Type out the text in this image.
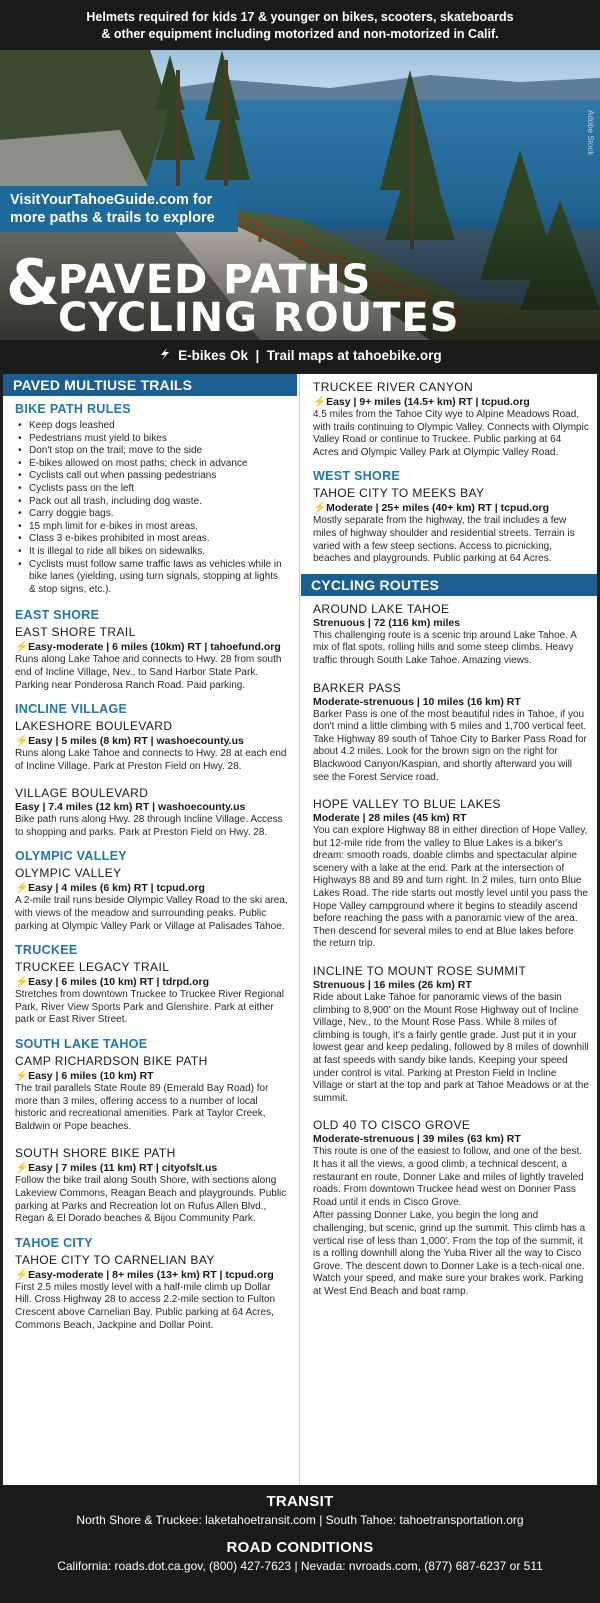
Helmets required for kids 17 & younger on bikes, scooters, skateboards
& other equipment including motorized and non-motorized in Calif.
Adobe Stock
VisitYourTahoeGuide.com for
more paths & trails to explore
&
PAVED PATHS
CYCLING ROUTES
E-bikes Ok | Trail maps at tahoebike.org
PAVED MULTIUSE TRAILS
BIKE PATH RULES
• Keep dogs leashed
• Pedestrians must yield to bikes
• Don't stop on the trail; move to the side
• E-bikes allowed on most paths; check in advance
• Cyclists call out when passing pedestrians
• Cyclists pass on the left
• Pack out all trash, including dog waste.
• Carry doggie bags.
• 15 mph limit for e-bikes in most areas.
• Class 3 e-bikes prohibited in most areas.
• It is illegal to ride all bikes on sidewalks.
• Cyclists must follow same traffic laws as vehicles while in bike lanes (yielding, using turn signals, stopping at lights & stop signs, etc.).
EAST SHORE
EAST SHORE TRAIL
⚡Easy-moderate | 6 miles (10km) RT | tahoefund.org
Runs along Lake Tahoe and connects to Hwy. 28 from south end of Incline Village, Nev., to Sand Harbor State Park. Parking near Ponderosa Ranch Road. Paid parking.
INCLINE VILLAGE
LAKESHORE BOULEVARD
⚡Easy | 5 miles (8 km) RT | washoecounty.us
Runs along Lake Tahoe and connects to Hwy. 28 at each end of Incline Village. Park at Preston Field on Hwy. 28.
VILLAGE BOULEVARD
Easy | 7.4 miles (12 km) RT | washoecounty.us
Bike path runs along Hwy. 28 through Incline Village. Access to shopping and parks. Park at Preston Field on Hwy. 28.
OLYMPIC VALLEY
OLYMPIC VALLEY
⚡Easy | 4 miles (6 km) RT | tcpud.org
A 2-mile trail runs beside Olympic Valley Road to the ski area, with views of the meadow and surrounding peaks. Public parking at Olympic Valley Park or Village at Palisades Tahoe.
TRUCKEE
TRUCKEE LEGACY TRAIL
⚡Easy | 6 miles (10 km) RT | tdrpd.org
Stretches from downtown Truckee to Truckee River Regional Park, River View Sports Park and Glenshire. Park at either park or East River Street.
SOUTH LAKE TAHOE
CAMP RICHARDSON BIKE PATH
⚡Easy | 6 miles (10 km) RT
The trail parallels State Route 89 (Emerald Bay Road) for more than 3 miles, offering access to a number of local historic and recreational amenities. Park at Taylor Creek, Baldwin or Pope beaches.
SOUTH SHORE BIKE PATH
⚡Easy | 7 miles (11 km) RT | cityofslt.us
Follow the bike trail along South Shore, with sections along Lakeview Commons, Reagan Beach and playgrounds. Public parking at Parks and Recreation lot on Rufus Allen Blvd., Regan & El Dorado beaches & Bijou Community Park.
TAHOE CITY
TAHOE CITY TO CARNELIAN BAY
⚡Easy-moderate | 8+ miles (13+ km) RT | tcpud.org
First 2.5 miles mostly level with a half-mile climb up Dollar Hill. Cross Highway 28 to access 2.2-mile section to Fulton Crescent above Carnelian Bay. Public parking at 64 Acres, Commons Beach, Jackpine and Dollar Point.
TRUCKEE RIVER CANYON
⚡Easy | 9+ miles (14.5+ km) RT | tcpud.org
4.5 miles from the Tahoe City wye to Alpine Meadows Road, with trails continuing to Olympic Valley. Connects with Olympic Valley Road or continue to Truckee. Public parking at 64 Acres and Olympic Valley Park at Olympic Valley Road.
WEST SHORE
TAHOE CITY TO MEEKS BAY
⚡Moderate | 25+ miles (40+ km) RT | tcpud.org
Mostly separate from the highway, the trail includes a few miles of highway shoulder and residential streets. Terrain is varied with a few steep sections. Access to picnicking, beaches and playgrounds. Public parking at 64 Acres.
CYCLING ROUTES
AROUND LAKE TAHOE
Strenuous | 72 (116 km) miles
This challenging route is a scenic trip around Lake Tahoe. A mix of flat spots, rolling hills and some steep climbs. Heavy traffic through South Lake Tahoe. Amazing views.
BARKER PASS
Moderate-strenuous | 10 miles (16 km) RT
Barker Pass is one of the most beautiful rides in Tahoe, if you don't mind a little climbing with 5 miles and 1,700 vertical feet. Take Highway 89 south of Tahoe City to Barker Pass Road for about 4.2 miles. Look for the brown sign on the right for Blackwood Canyon/Kaspian, and shortly afterward you will see the Forest Service road.
HOPE VALLEY TO BLUE LAKES
Moderate | 28 miles (45 km) RT
You can explore Highway 88 in either direction of Hope Valley, but 12-mile ride from the valley to Blue Lakes is a biker's dream: smooth roads, doable climbs and spectacular alpine scenery with a lake at the end. Park at the intersection of Highways 88 and 89 and turn right. In 2 miles, turn onto Blue Lakes Road. The ride starts out mostly level until you pass the Hope Valley campground where it begins to steadily ascend before reaching the pass with a panoramic view of the area. Then descend for several miles to end at Blue lakes before the return trip.
INCLINE TO MOUNT ROSE SUMMIT
Strenuous | 16 miles (26 km) RT
Ride about Lake Tahoe for panoramic views of the basin climbing to 8,900' on the Mount Rose Highway out of Incline Village, Nev., to the Mount Rose Pass. While 8 miles of climbing is tough, it's a fairly gentle grade. Just put it in your lowest gear and keep pedaling, followed by 8 miles of downhill at fast speeds with sandy bike lands. Keeping your speed under control is vital. Parking at Preston Field in Incline Village or start at the top and park at Tahoe Meadows or at the summit.
OLD 40 TO CISCO GROVE
Moderate-strenuous | 39 miles (63 km) RT
This route is one of the easiest to follow, and one of the best. It has it all the views, a good climb, a technical descent, a restaurant en route, Donner Lake and miles of lightly traveled roads. From downtown Truckee head west on Donner Pass Road until it ends in Cisco Grove.
After passing Donner Lake, you begin the long and challenging, but scenic, grind up the summit. This climb has a vertical rise of less than 1,000'. From the top of the summit, it is a rolling downhill along the Yuba River all the way to Cisco Grove. The descent down to Donner Lake is a tech-nical one. Watch your speed, and make sure your brakes work. Parking at West End Beach and boat ramp.
TRANSIT
North Shore & Truckee: laketahoetransit.com | South Tahoe: tahoetransportation.org
ROAD CONDITIONS
California: roads.dot.ca.gov, (800) 427-7623 | Nevada: nvroads.com, (877) 687-6237 or 511
